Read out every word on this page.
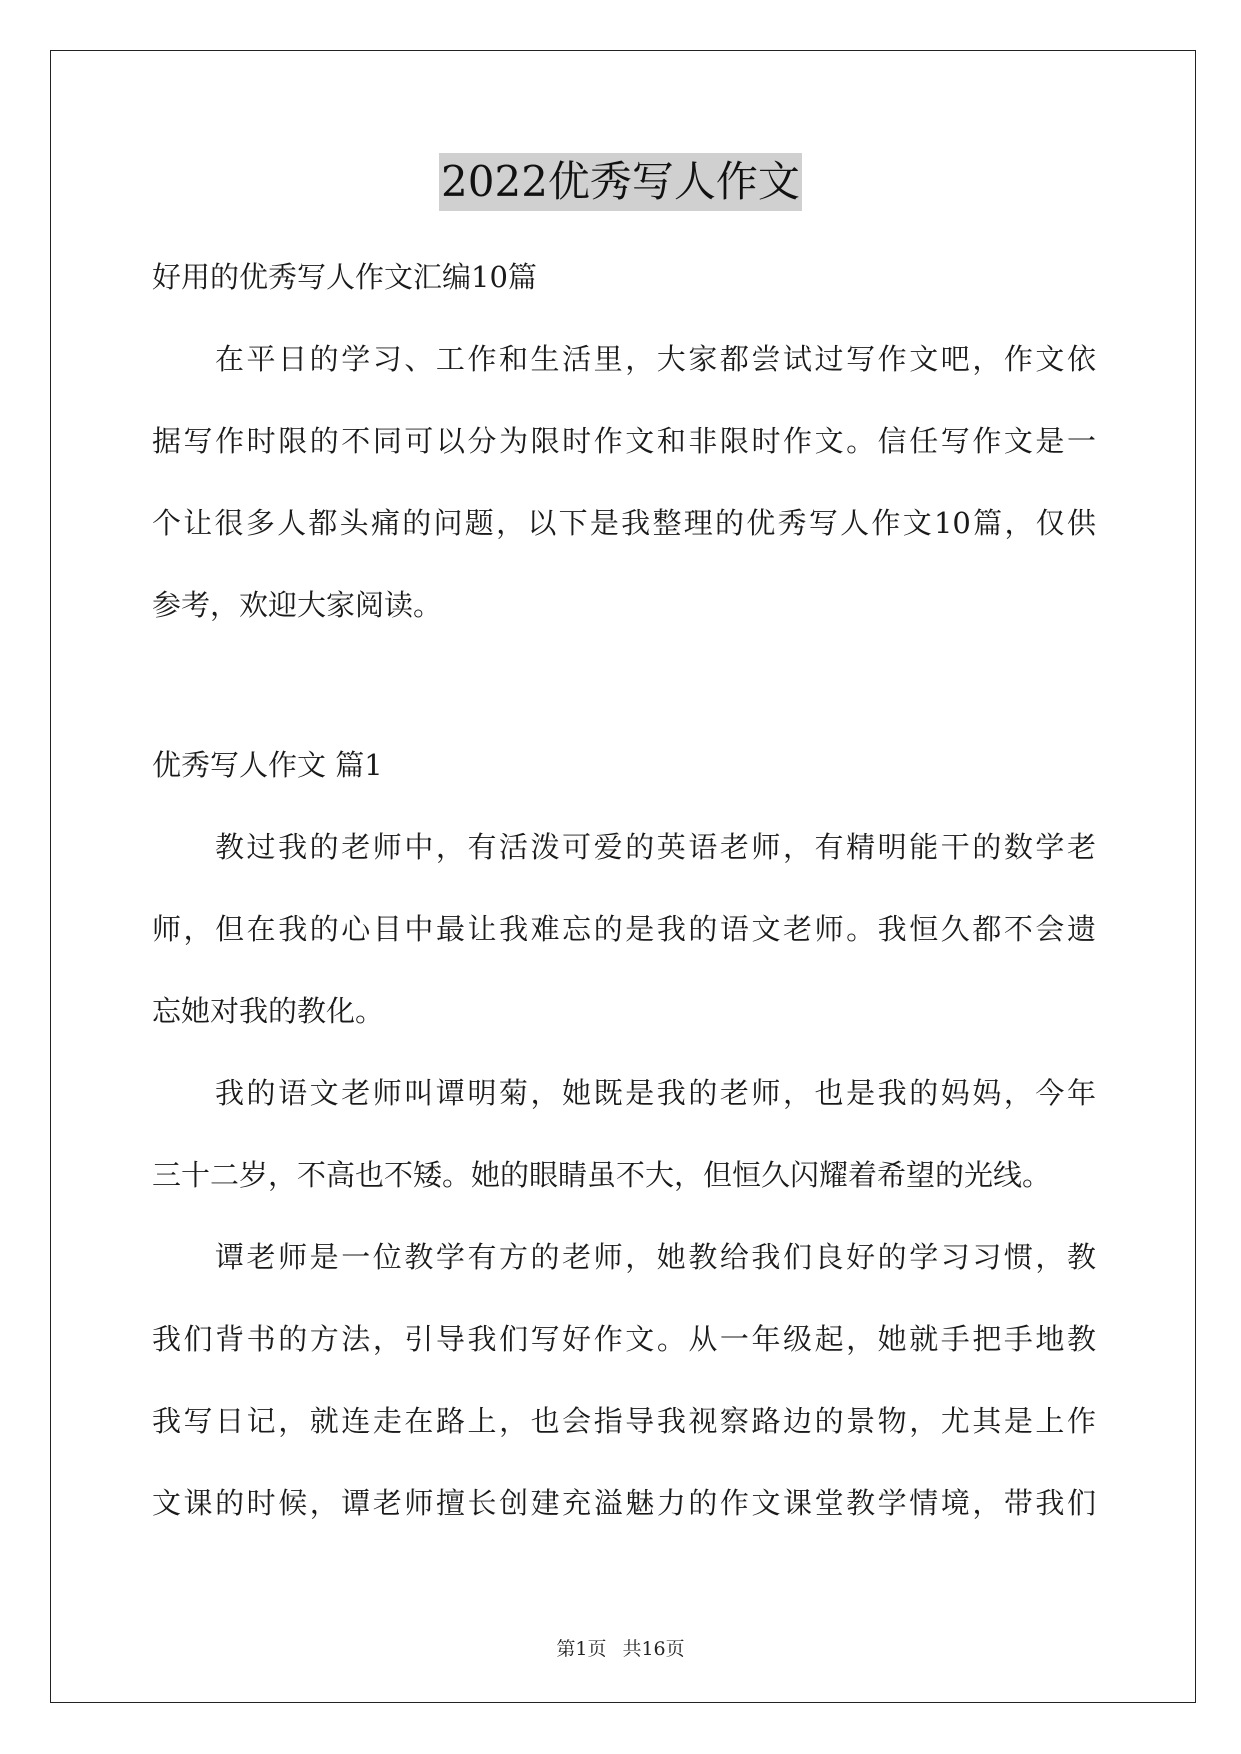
2022优秀写人作文
好用的优秀写人作文汇编10篇
在平日的学习、工作和生活里，大家都尝试过写作文吧，作文依
据写作时限的不同可以分为限时作文和非限时作文。信任写作文是一
个让很多人都头痛的问题，以下是我整理的优秀写人作文10篇，仅供
参考，欢迎大家阅读。
优秀写人作文 篇1
教过我的老师中，有活泼可爱的英语老师，有精明能干的数学老
师，但在我的心目中最让我难忘的是我的语文老师。我恒久都不会遗
忘她对我的教化。
我的语文老师叫谭明菊，她既是我的老师，也是我的妈妈，今年
三十二岁，不高也不矮。她的眼睛虽不大，但恒久闪耀着希望的光线。
谭老师是一位教学有方的老师，她教给我们良好的学习习惯，教
我们背书的方法，引导我们写好作文。从一年级起，她就手把手地教
我写日记，就连走在路上，也会指导我视察路边的景物，尤其是上作
文课的时候，谭老师擅长创建充溢魅力的作文课堂教学情境，带我们
第1页 共16页
